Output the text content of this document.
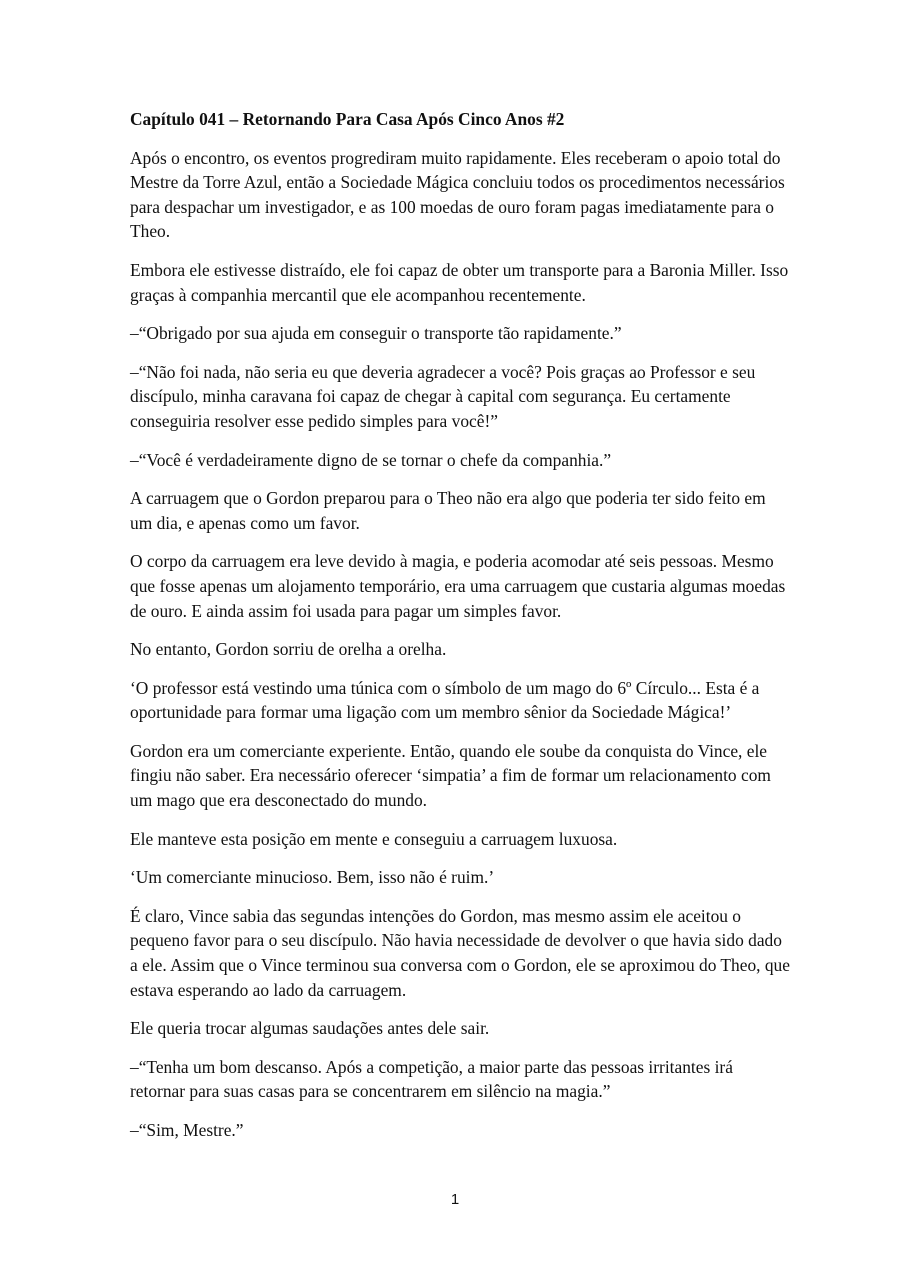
Capítulo 041 – Retornando Para Casa Após Cinco Anos #2

Após o encontro, os eventos progrediram muito rapidamente. Eles receberam o apoio total do Mestre da Torre Azul, então a Sociedade Mágica concluiu todos os procedimentos necessários para despachar um investigador, e as 100 moedas de ouro foram pagas imediatamente para o Theo.

Embora ele estivesse distraído, ele foi capaz de obter um transporte para a Baronia Miller. Isso graças à companhia mercantil que ele acompanhou recentemente.

–“Obrigado por sua ajuda em conseguir o transporte tão rapidamente.”

–“Não foi nada, não seria eu que deveria agradecer a você? Pois graças ao Professor e seu discípulo, minha caravana foi capaz de chegar à capital com segurança. Eu certamente conseguiria resolver esse pedido simples para você!”

–“Você é verdadeiramente digno de se tornar o chefe da companhia.”

A carruagem que o Gordon preparou para o Theo não era algo que poderia ter sido feito em um dia, e apenas como um favor.

O corpo da carruagem era leve devido à magia, e poderia acomodar até seis pessoas. Mesmo que fosse apenas um alojamento temporário, era uma carruagem que custaria algumas moedas de ouro. E ainda assim foi usada para pagar um simples favor.

No entanto, Gordon sorriu de orelha a orelha.

‘O professor está vestindo uma túnica com o símbolo de um mago do 6º Círculo... Esta é a oportunidade para formar uma ligação com um membro sênior da Sociedade Mágica!’

Gordon era um comerciante experiente. Então, quando ele soube da conquista do Vince, ele fingiu não saber. Era necessário oferecer ‘simpatia’ a fim de formar um relacionamento com um mago que era desconectado do mundo.

Ele manteve esta posição em mente e conseguiu a carruagem luxuosa.

‘Um comerciante minucioso. Bem, isso não é ruim.’

É claro, Vince sabia das segundas intenções do Gordon, mas mesmo assim ele aceitou o pequeno favor para o seu discípulo. Não havia necessidade de devolver o que havia sido dado a ele. Assim que o Vince terminou sua conversa com o Gordon, ele se aproximou do Theo, que estava esperando ao lado da carruagem.

Ele queria trocar algumas saudações antes dele sair.

–“Tenha um bom descanso. Após a competição, a maior parte das pessoas irritantes irá retornar para suas casas para se concentrarem em silêncio na magia.”

–“Sim, Mestre.”

1
